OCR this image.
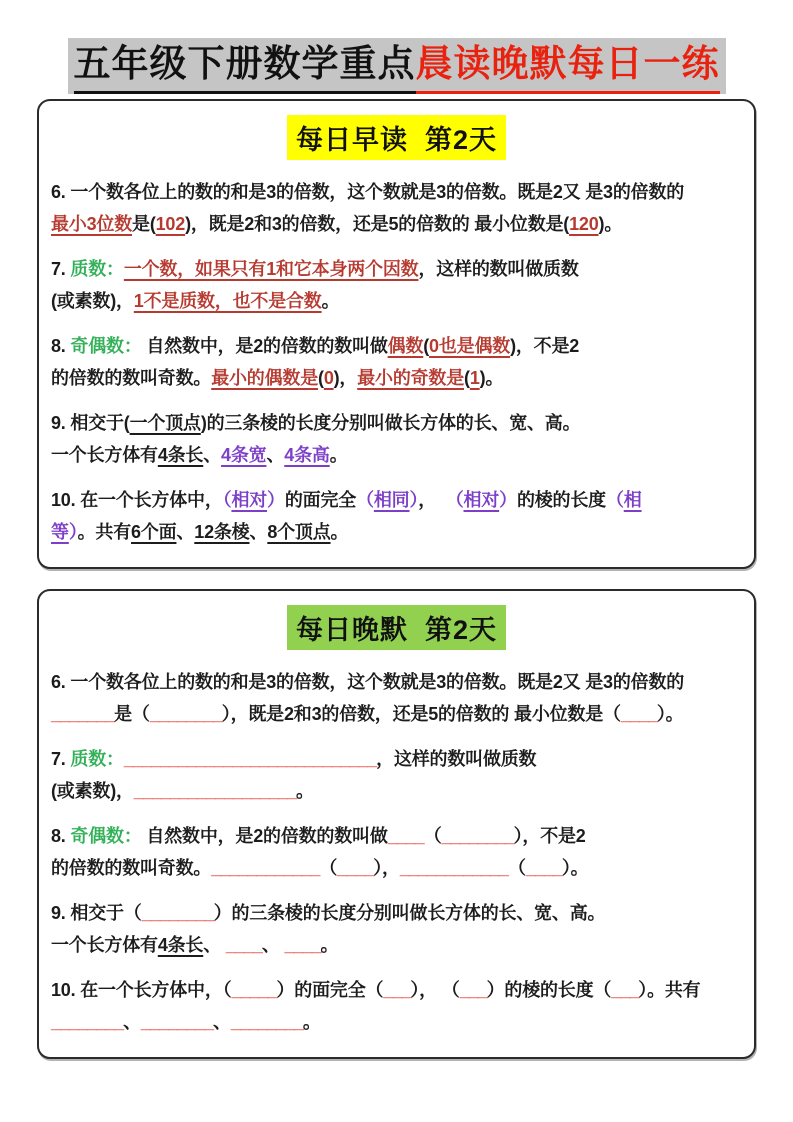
五年级下册数学重点晨读晚默每日一练
每日早读  第2天
6. 一个数各位上的数的和是3的倍数，这个数就是3的倍数。既是2又 是3的倍数的
最小3位数是(102)，既是2和3的倍数，还是5的倍数的 最小位数是(120)。
7. 质数：一个数，如果只有1和它本身两个因数，这样的数叫做质数
(或素数)，1不是质数，也不是合数。
8. 奇偶数： 自然数中，是2的倍数的数叫做偶数(0也是偶数)，不是2
的倍数的数叫奇数。最小的偶数是(0)，最小的奇数是(1)。
9. 相交于(一个顶点)的三条棱的长度分别叫做长方体的长、宽、高。
一个长方体有4条长、4条宽、4条高。
10. 在一个长方体中，（相对）的面完全（相同），  （相对）的棱的长度（相
等）。共有6个面、12条棱、8个顶点。
每日晚默  第2天
6. 一个数各位上的数的和是3的倍数，这个数就是3的倍数。既是2又 是3的倍数的
_______是（________），既是2和3的倍数，还是5的倍数的 最小位数是（____）。
7. 质数：____________________________，这样的数叫做质数
(或素数)，__________________。
8. 奇偶数： 自然数中，是2的倍数的数叫做____（________），不是2
的倍数的数叫奇数。____________（____），____________（____）。
9. 相交于（________）的三条棱的长度分别叫做长方体的长、宽、高。
一个长方体有4条长、 ____、 ____。
10. 在一个长方体中，（_____）的面完全（___）， （___）的棱的长度（___）。共有
________、________、________。
